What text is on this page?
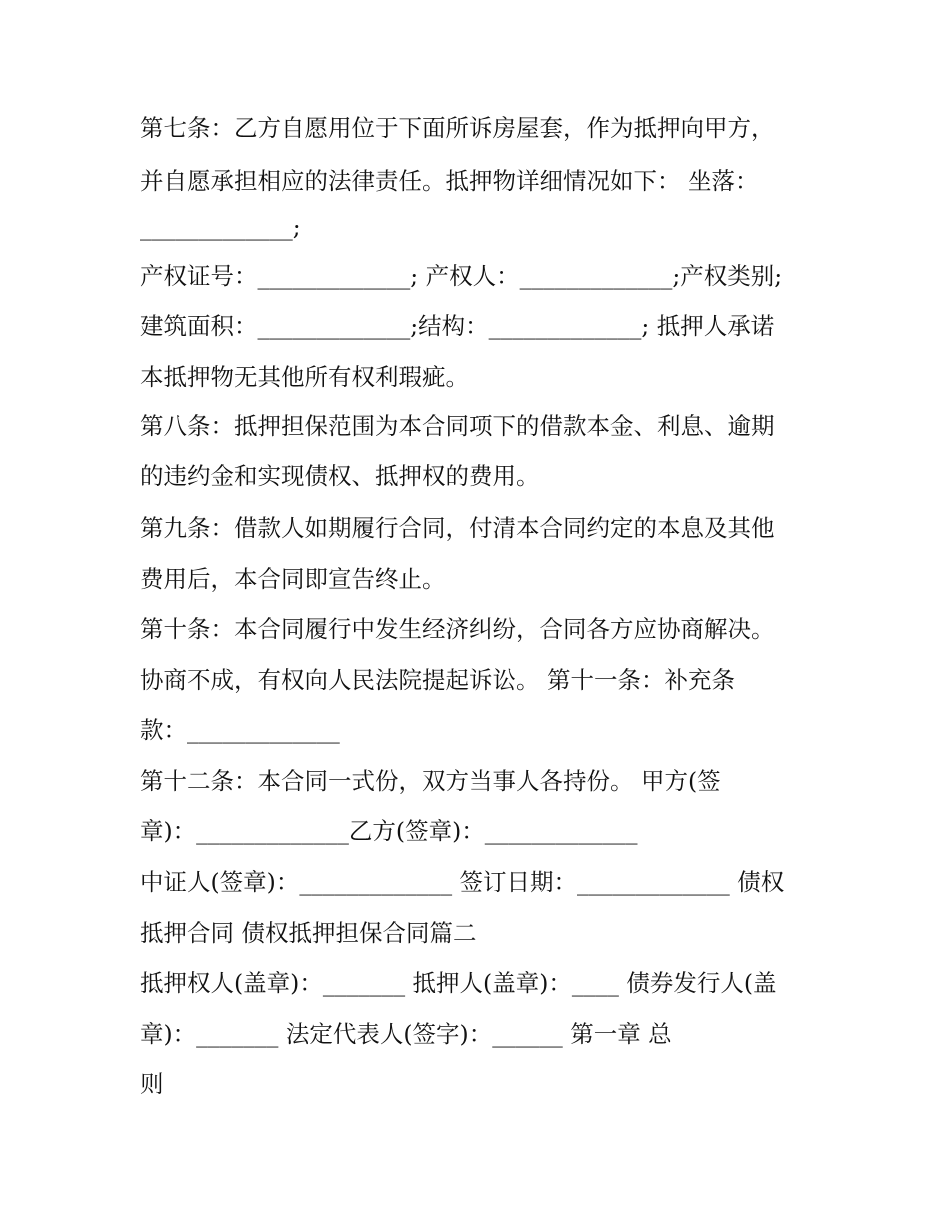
第七条：乙方自愿用位于下面所诉房屋套，作为抵押向甲方，
并自愿承担相应的法律责任。抵押物详细情况如下： 坐落：
_____________;
产权证号：_____________; 产权人：_____________;产权类别;
建筑面积：_____________;结构：_____________; 抵押人承诺
本抵押物无其他所有权利瑕疵。
第八条：抵押担保范围为本合同项下的借款本金、利息、逾期
的违约金和实现债权、抵押权的费用。
第九条：借款人如期履行合同，付清本合同约定的本息及其他
费用后，本合同即宣告终止。
第十条：本合同履行中发生经济纠纷，合同各方应协商解决。
协商不成，有权向人民法院提起诉讼。 第十一条：补充条
款：_____________
第十二条：本合同一式份，双方当事人各持份。 甲方(签
章)：_____________乙方(签章)：_____________
中证人(签章)：_____________ 签订日期：_____________ 债权
抵押合同 债权抵押担保合同篇二
抵押权人(盖章)：_______ 抵押人(盖章)：____ 债券发行人(盖
章)：_______ 法定代表人(签字)：______ 第一章 总
则
